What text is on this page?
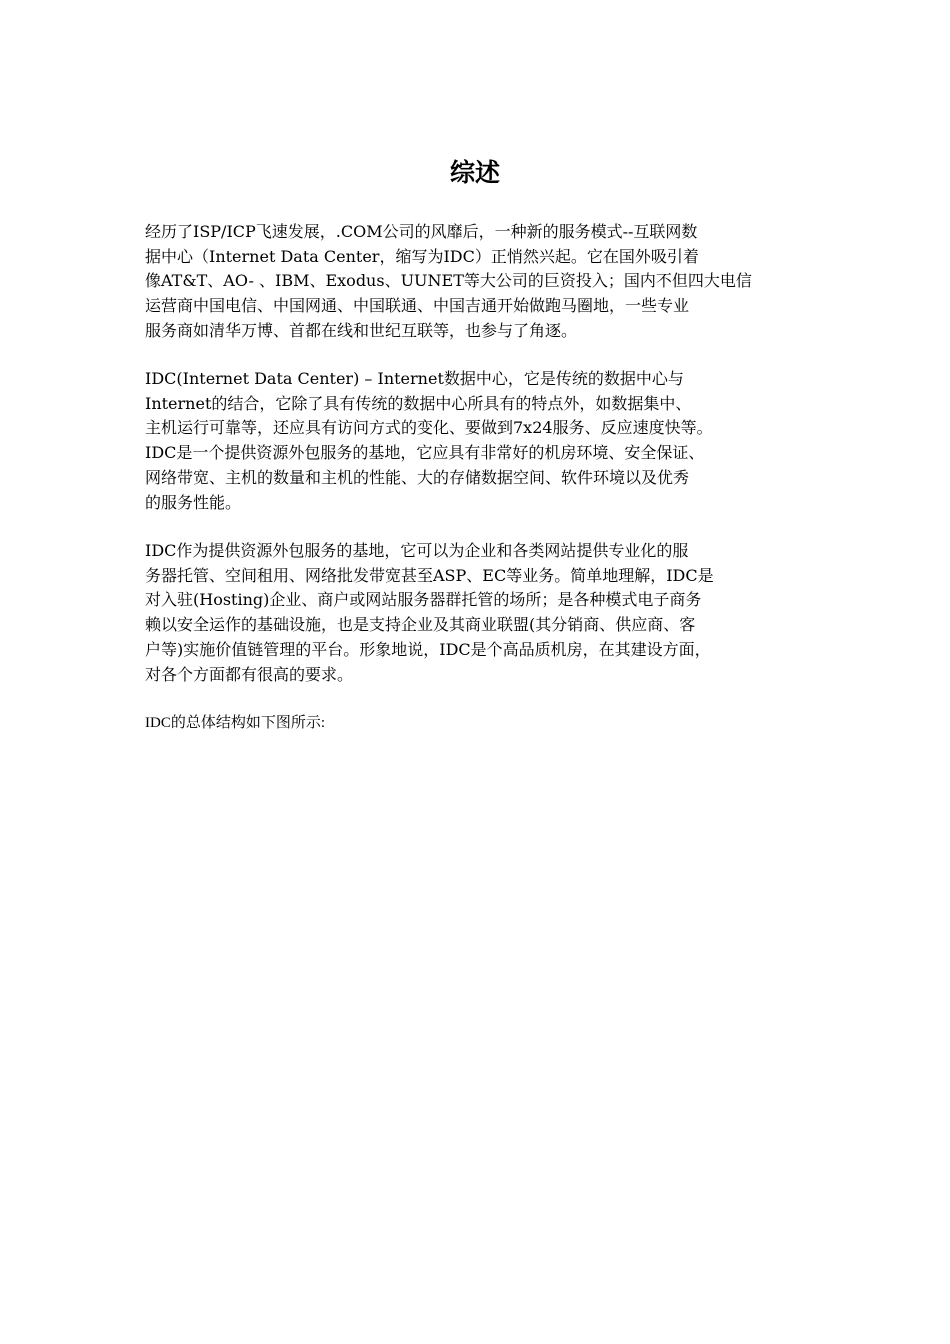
综述
经历了ISP/ICP飞速发展，.COM公司的风靡后，一种新的服务模式--互联网数
据中心（Internet Data Center，缩写为IDC）正悄然兴起。它在国外吸引着
像AT&T、AO- 、IBM、Exodus、UUNET等大公司的巨资投入；国内不但四大电信
运营商中国电信、中国网通、中国联通、中国吉通开始做跑马圈地，一些专业
服务商如清华万博、首都在线和世纪互联等，也参与了角逐。
IDC(Internet Data Center) – Internet数据中心，它是传统的数据中心与
Internet的结合，它除了具有传统的数据中心所具有的特点外，如数据集中、
主机运行可靠等，还应具有访问方式的变化、要做到7x24服务、反应速度快等。
IDC是一个提供资源外包服务的基地，它应具有非常好的机房环境、安全保证、
网络带宽、主机的数量和主机的性能、大的存储数据空间、软件环境以及优秀
的服务性能。
IDC作为提供资源外包服务的基地，它可以为企业和各类网站提供专业化的服
务器托管、空间租用、网络批发带宽甚至ASP、EC等业务。简单地理解，IDC是
对入驻(Hosting)企业、商户或网站服务器群托管的场所；是各种模式电子商务
赖以安全运作的基础设施，也是支持企业及其商业联盟(其分销商、供应商、客
户等)实施价值链管理的平台。形象地说，IDC是个高品质机房，在其建设方面，
对各个方面都有很高的要求。

IDC的总体结构如下图所示:
